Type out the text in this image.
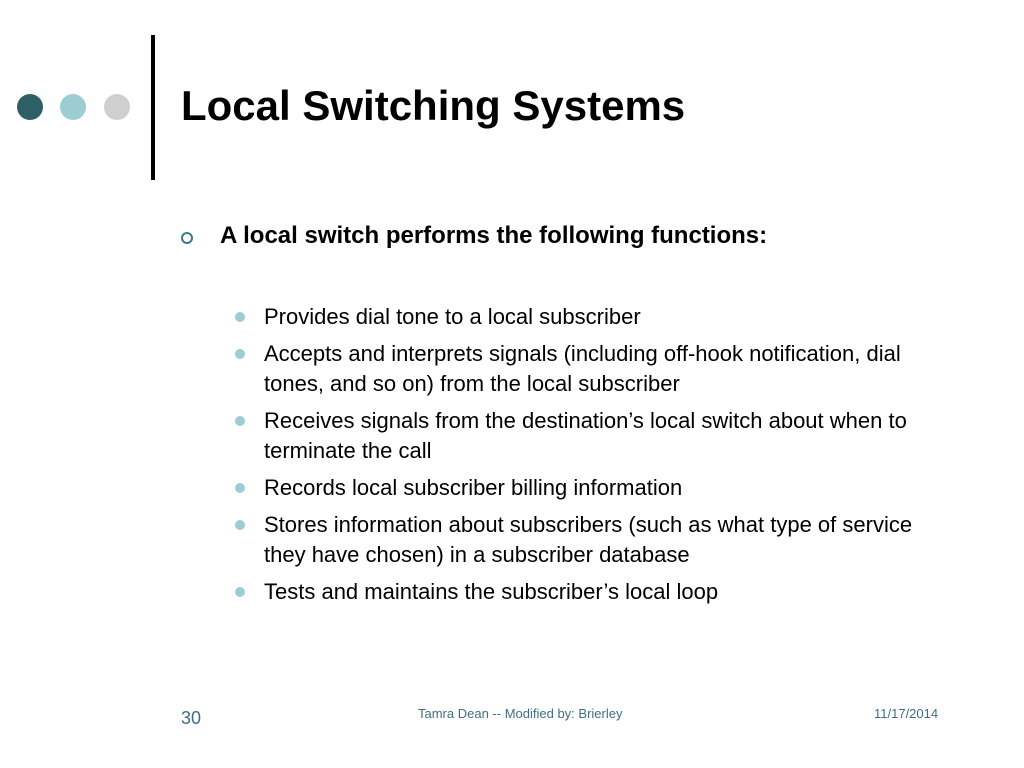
Local Switching Systems
A local switch performs the following functions:
Provides dial tone to a local subscriber
Accepts and interprets signals (including off-hook notification, dial tones, and so on) from the local subscriber
Receives signals from the destination’s local switch about when to terminate the call
Records local subscriber billing information
Stores information about subscribers (such as what type of service they have chosen) in a subscriber database
Tests and maintains the subscriber’s local loop
30	Tamra Dean -- Modified by: Brierley	11/17/2014
